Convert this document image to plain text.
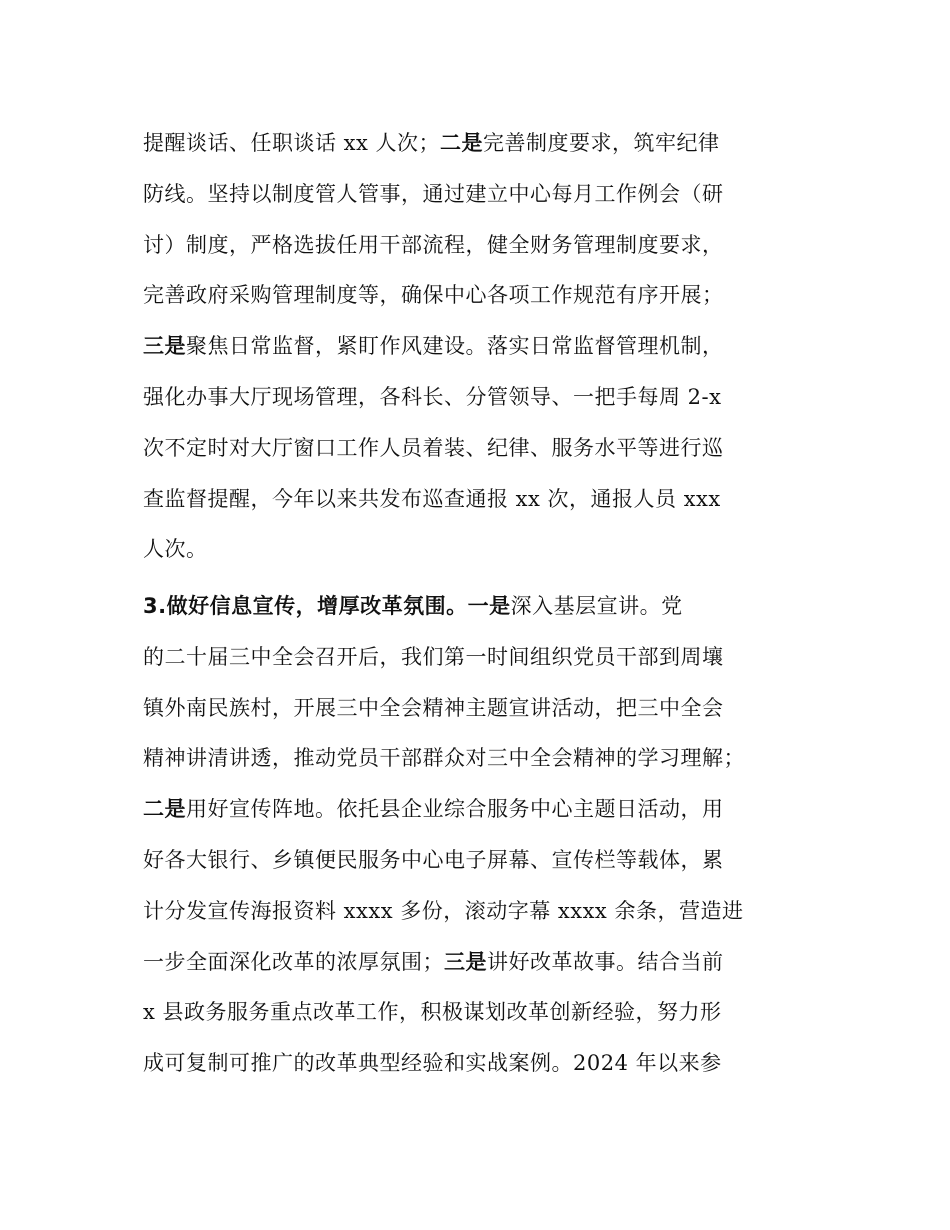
提醒谈话、任职谈话 xx 人次；二是完善制度要求，筑牢纪律
防线。坚持以制度管人管事，通过建立中心每月工作例会（研
讨）制度，严格选拔任用干部流程，健全财务管理制度要求，
完善政府采购管理制度等，确保中心各项工作规范有序开展；
三是聚焦日常监督，紧盯作风建设。落实日常监督管理机制，
强化办事大厅现场管理，各科长、分管领导、一把手每周 2-x
次不定时对大厅窗口工作人员着装、纪律、服务水平等进行巡
查监督提醒，今年以来共发布巡查通报 xx 次，通报人员 xxx
人次。
3.做好信息宣传，增厚改革氛围。一是深入基层宣讲。党
的二十届三中全会召开后，我们第一时间组织党员干部到周壤
镇外南民族村，开展三中全会精神主题宣讲活动，把三中全会
精神讲清讲透，推动党员干部群众对三中全会精神的学习理解；
二是用好宣传阵地。依托县企业综合服务中心主题日活动，用
好各大银行、乡镇便民服务中心电子屏幕、宣传栏等载体，累
计分发宣传海报资料 xxxx 多份，滚动字幕 xxxx 余条，营造进
一步全面深化改革的浓厚氛围；三是讲好改革故事。结合当前
x 县政务服务重点改革工作，积极谋划改革创新经验，努力形
成可复制可推广的改革典型经验和实战案例。2024 年以来参
